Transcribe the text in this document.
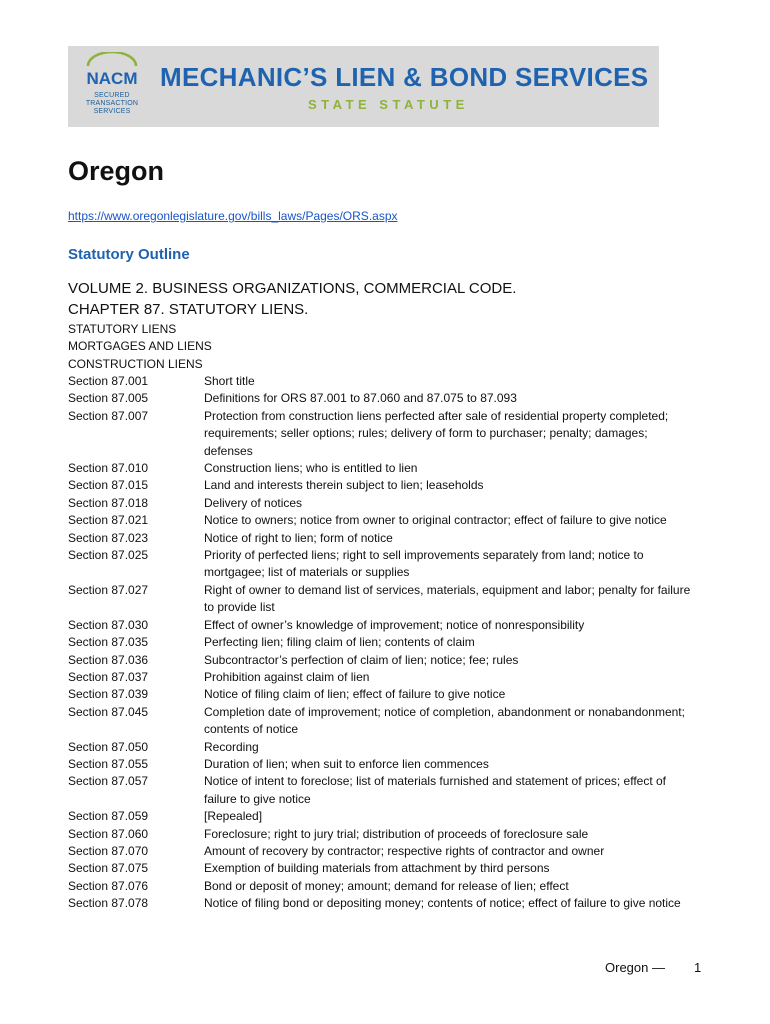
NACM
SECURED
TRANSACTION
SERVICES
MECHANIC’S LIEN & BOND SERVICES
STATE STATUTE
Oregon
https://www.oregonlegislature.gov/bills_laws/Pages/ORS.aspx
Statutory Outline
VOLUME 2. BUSINESS ORGANIZATIONS, COMMERCIAL CODE.
CHAPTER 87. STATUTORY LIENS.
STATUTORY LIENS
MORTGAGES AND LIENS
CONSTRUCTION LIENS
Section 87.001	Short title
Section 87.005	Definitions for ORS 87.001 to 87.060 and 87.075 to 87.093
Section 87.007	Protection from construction liens perfected after sale of residential property completed; requirements; seller options; rules; delivery of form to purchaser; penalty; damages; defenses
Section 87.010	Construction liens; who is entitled to lien
Section 87.015	Land and interests therein subject to lien; leaseholds
Section 87.018	Delivery of notices
Section 87.021	Notice to owners; notice from owner to original contractor; effect of failure to give notice
Section 87.023	Notice of right to lien; form of notice
Section 87.025	Priority of perfected liens; right to sell improvements separately from land; notice to mortgagee; list of materials or supplies
Section 87.027	Right of owner to demand list of services, materials, equipment and labor; penalty for failure to provide list
Section 87.030	Effect of owner’s knowledge of improvement; notice of nonresponsibility
Section 87.035	Perfecting lien; filing claim of lien; contents of claim
Section 87.036	Subcontractor’s perfection of claim of lien; notice; fee; rules
Section 87.037	Prohibition against claim of lien
Section 87.039	Notice of filing claim of lien; effect of failure to give notice
Section 87.045	Completion date of improvement; notice of completion, abandonment or nonabandonment; contents of notice
Section 87.050	Recording
Section 87.055	Duration of lien; when suit to enforce lien commences
Section 87.057	Notice of intent to foreclose; list of materials furnished and statement of prices; effect of failure to give notice
Section 87.059	[Repealed]
Section 87.060	Foreclosure; right to jury trial; distribution of proceeds of foreclosure sale
Section 87.070	Amount of recovery by contractor; respective rights of contractor and owner
Section 87.075	Exemption of building materials from attachment by third persons
Section 87.076	Bond or deposit of money; amount; demand for release of lien; effect
Section 87.078	Notice of filing bond or depositing money; contents of notice; effect of failure to give notice
Oregon — 1
